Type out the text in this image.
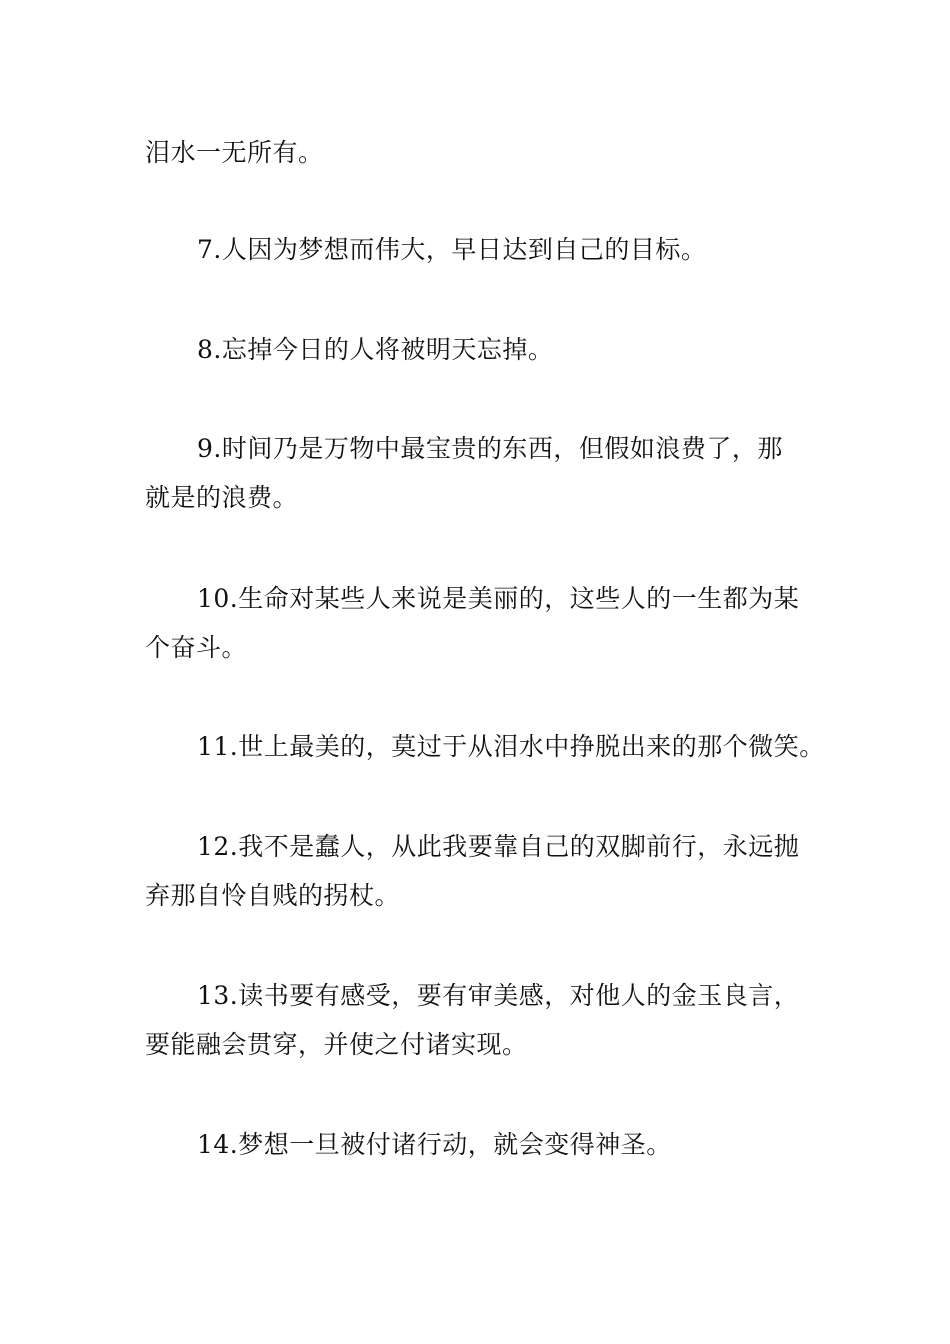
泪水一无所有。

7.人因为梦想而伟大，早日达到自己的目标。

8.忘掉今日的人将被明天忘掉。

9.时间乃是万物中最宝贵的东西，但假如浪费了，那
就是的浪费。

10.生命对某些人来说是美丽的，这些人的一生都为某
个奋斗。

11.世上最美的，莫过于从泪水中挣脱出来的那个微笑。

12.我不是蠢人，从此我要靠自己的双脚前行，永远抛
弃那自怜自贱的拐杖。

13.读书要有感受，要有审美感，对他人的金玉良言，
要能融会贯穿，并使之付诸实现。

14.梦想一旦被付诸行动，就会变得神圣。
